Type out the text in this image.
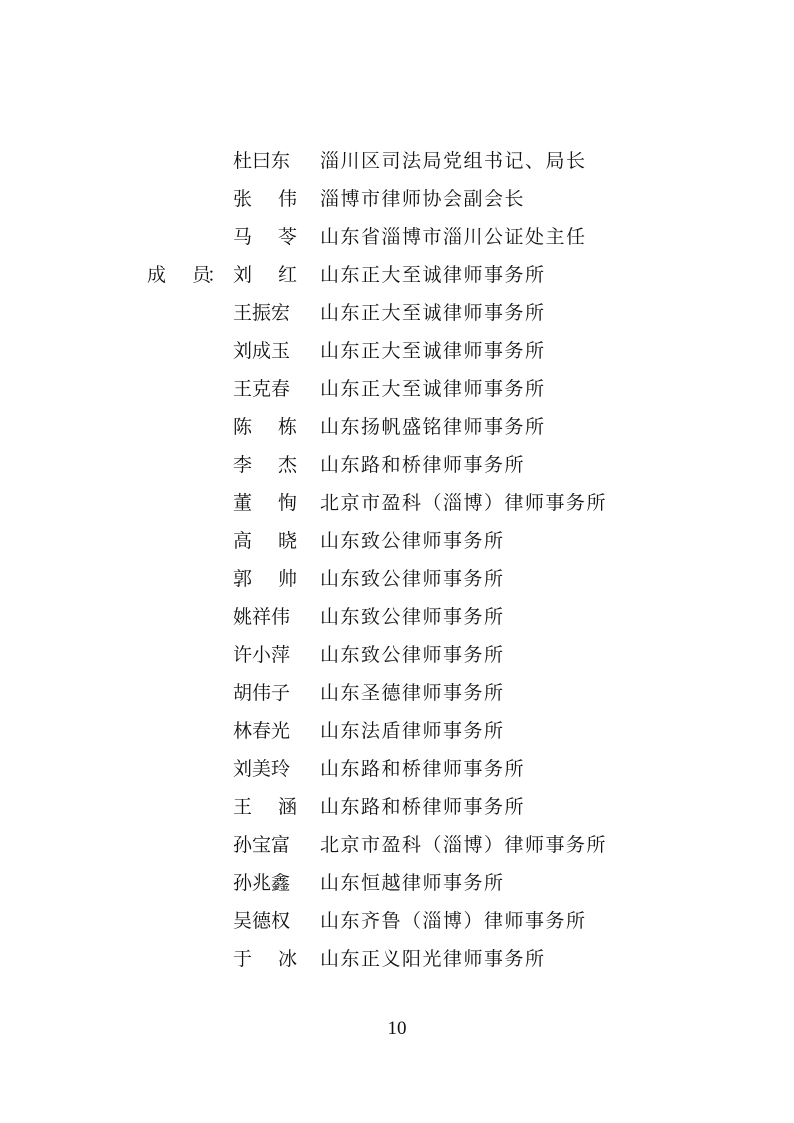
杜曰东 淄川区司法局党组书记、局长
张 伟 淄博市律师协会副会长
马 苓 山东省淄博市淄川公证处主任
成 员
： 刘 红 山东正大至诚律师事务所
王振宏 山东正大至诚律师事务所
刘成玉 山东正大至诚律师事务所
王克春 山东正大至诚律师事务所
陈 栋 山东扬帆盛铭律师事务所
李 杰 山东路和桥律师事务所
董 恂 北京市盈科（淄博）律师事务所
高 晓 山东致公律师事务所
郭 帅 山东致公律师事务所
姚祥伟 山东致公律师事务所
许小萍 山东致公律师事务所
胡伟子 山东圣德律师事务所
林春光 山东法盾律师事务所
刘美玲 山东路和桥律师事务所
王 涵 山东路和桥律师事务所
孙宝富 北京市盈科（淄博）律师事务所
孙兆鑫 山东恒越律师事务所
吴德权 山东齐鲁（淄博）律师事务所
于 冰 山东正义阳光律师事务所
10
